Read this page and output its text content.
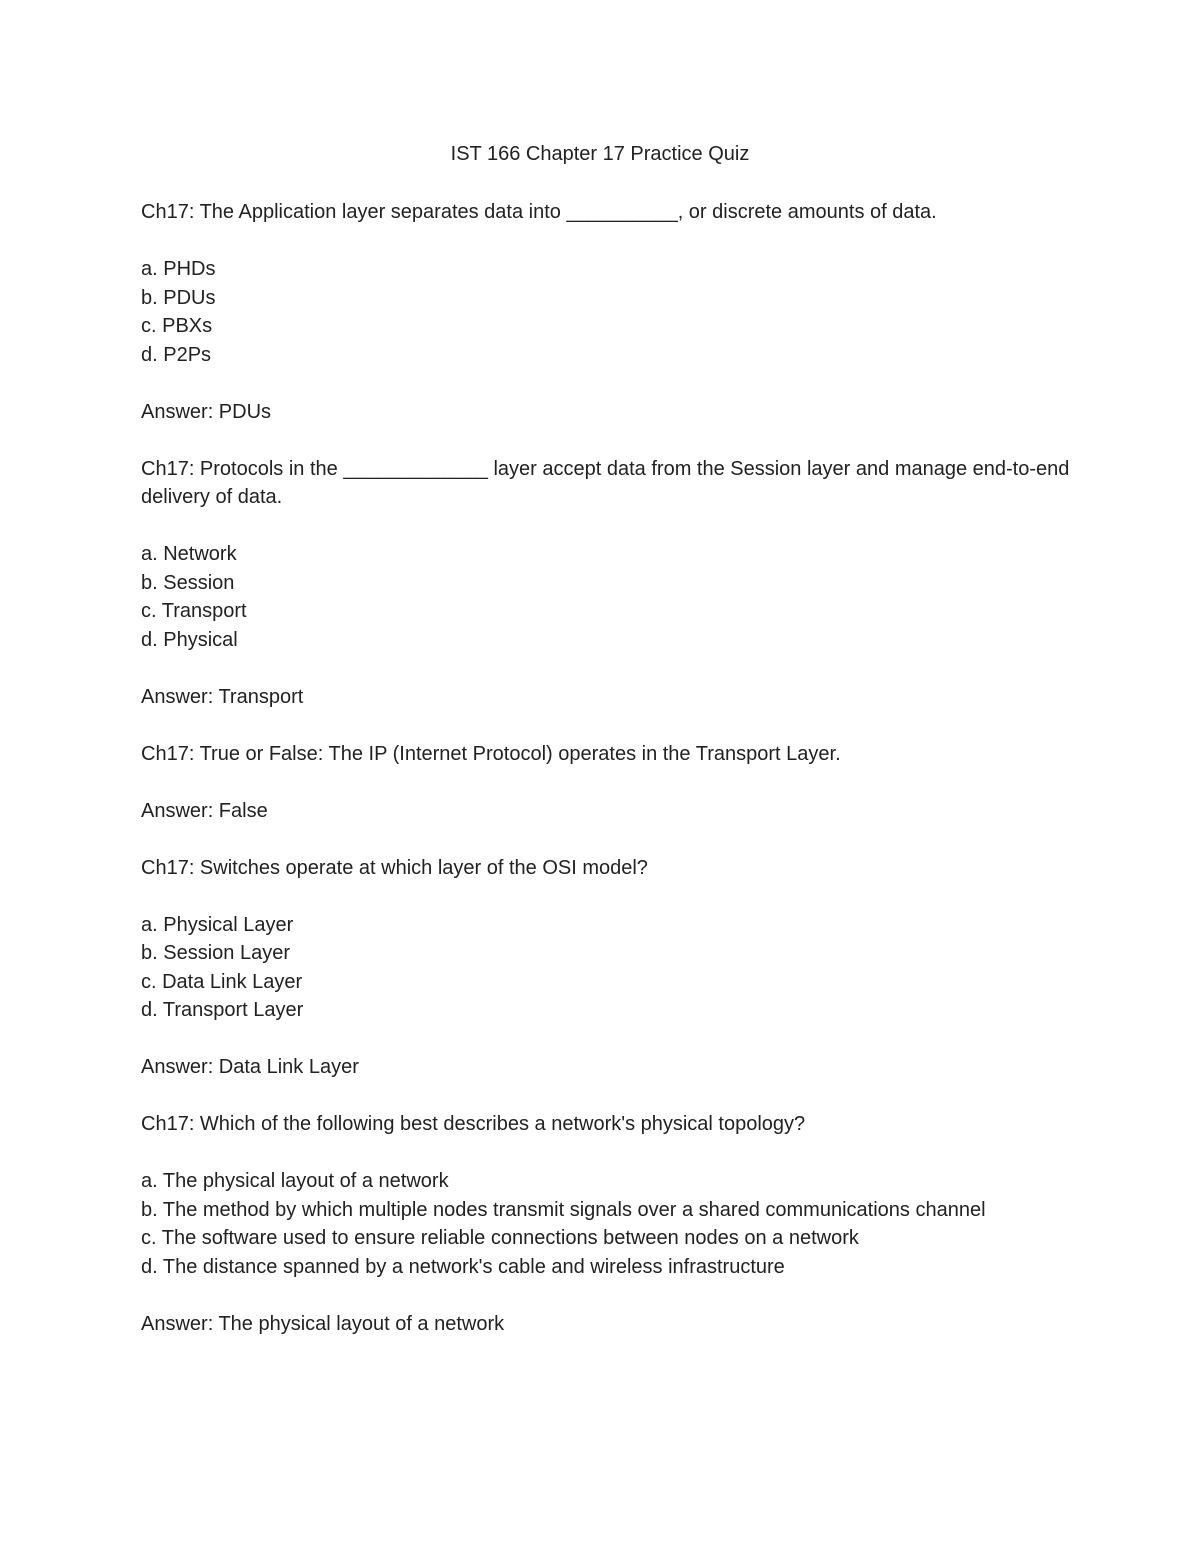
IST 166 Chapter 17 Practice Quiz
Ch17: The Application layer separates data into __________, or discrete amounts of data.
a. PHDs
b. PDUs
c. PBXs
d. P2Ps
Answer: PDUs
Ch17: Protocols in the _____________ layer accept data from the Session layer and manage end-to-end delivery of data.
a. Network
b. Session
c. Transport
d. Physical
Answer: Transport
Ch17: True or False: The IP (Internet Protocol) operates in the Transport Layer.
Answer: False
Ch17: Switches operate at which layer of the OSI model?
a. Physical Layer
b. Session Layer
c. Data Link Layer
d. Transport Layer
Answer: Data Link Layer
Ch17: Which of the following best describes a network's physical topology?
a. The physical layout of a network
b. The method by which multiple nodes transmit signals over a shared communications channel
c. The software used to ensure reliable connections between nodes on a network
d. The distance spanned by a network's cable and wireless infrastructure
Answer: The physical layout of a network
